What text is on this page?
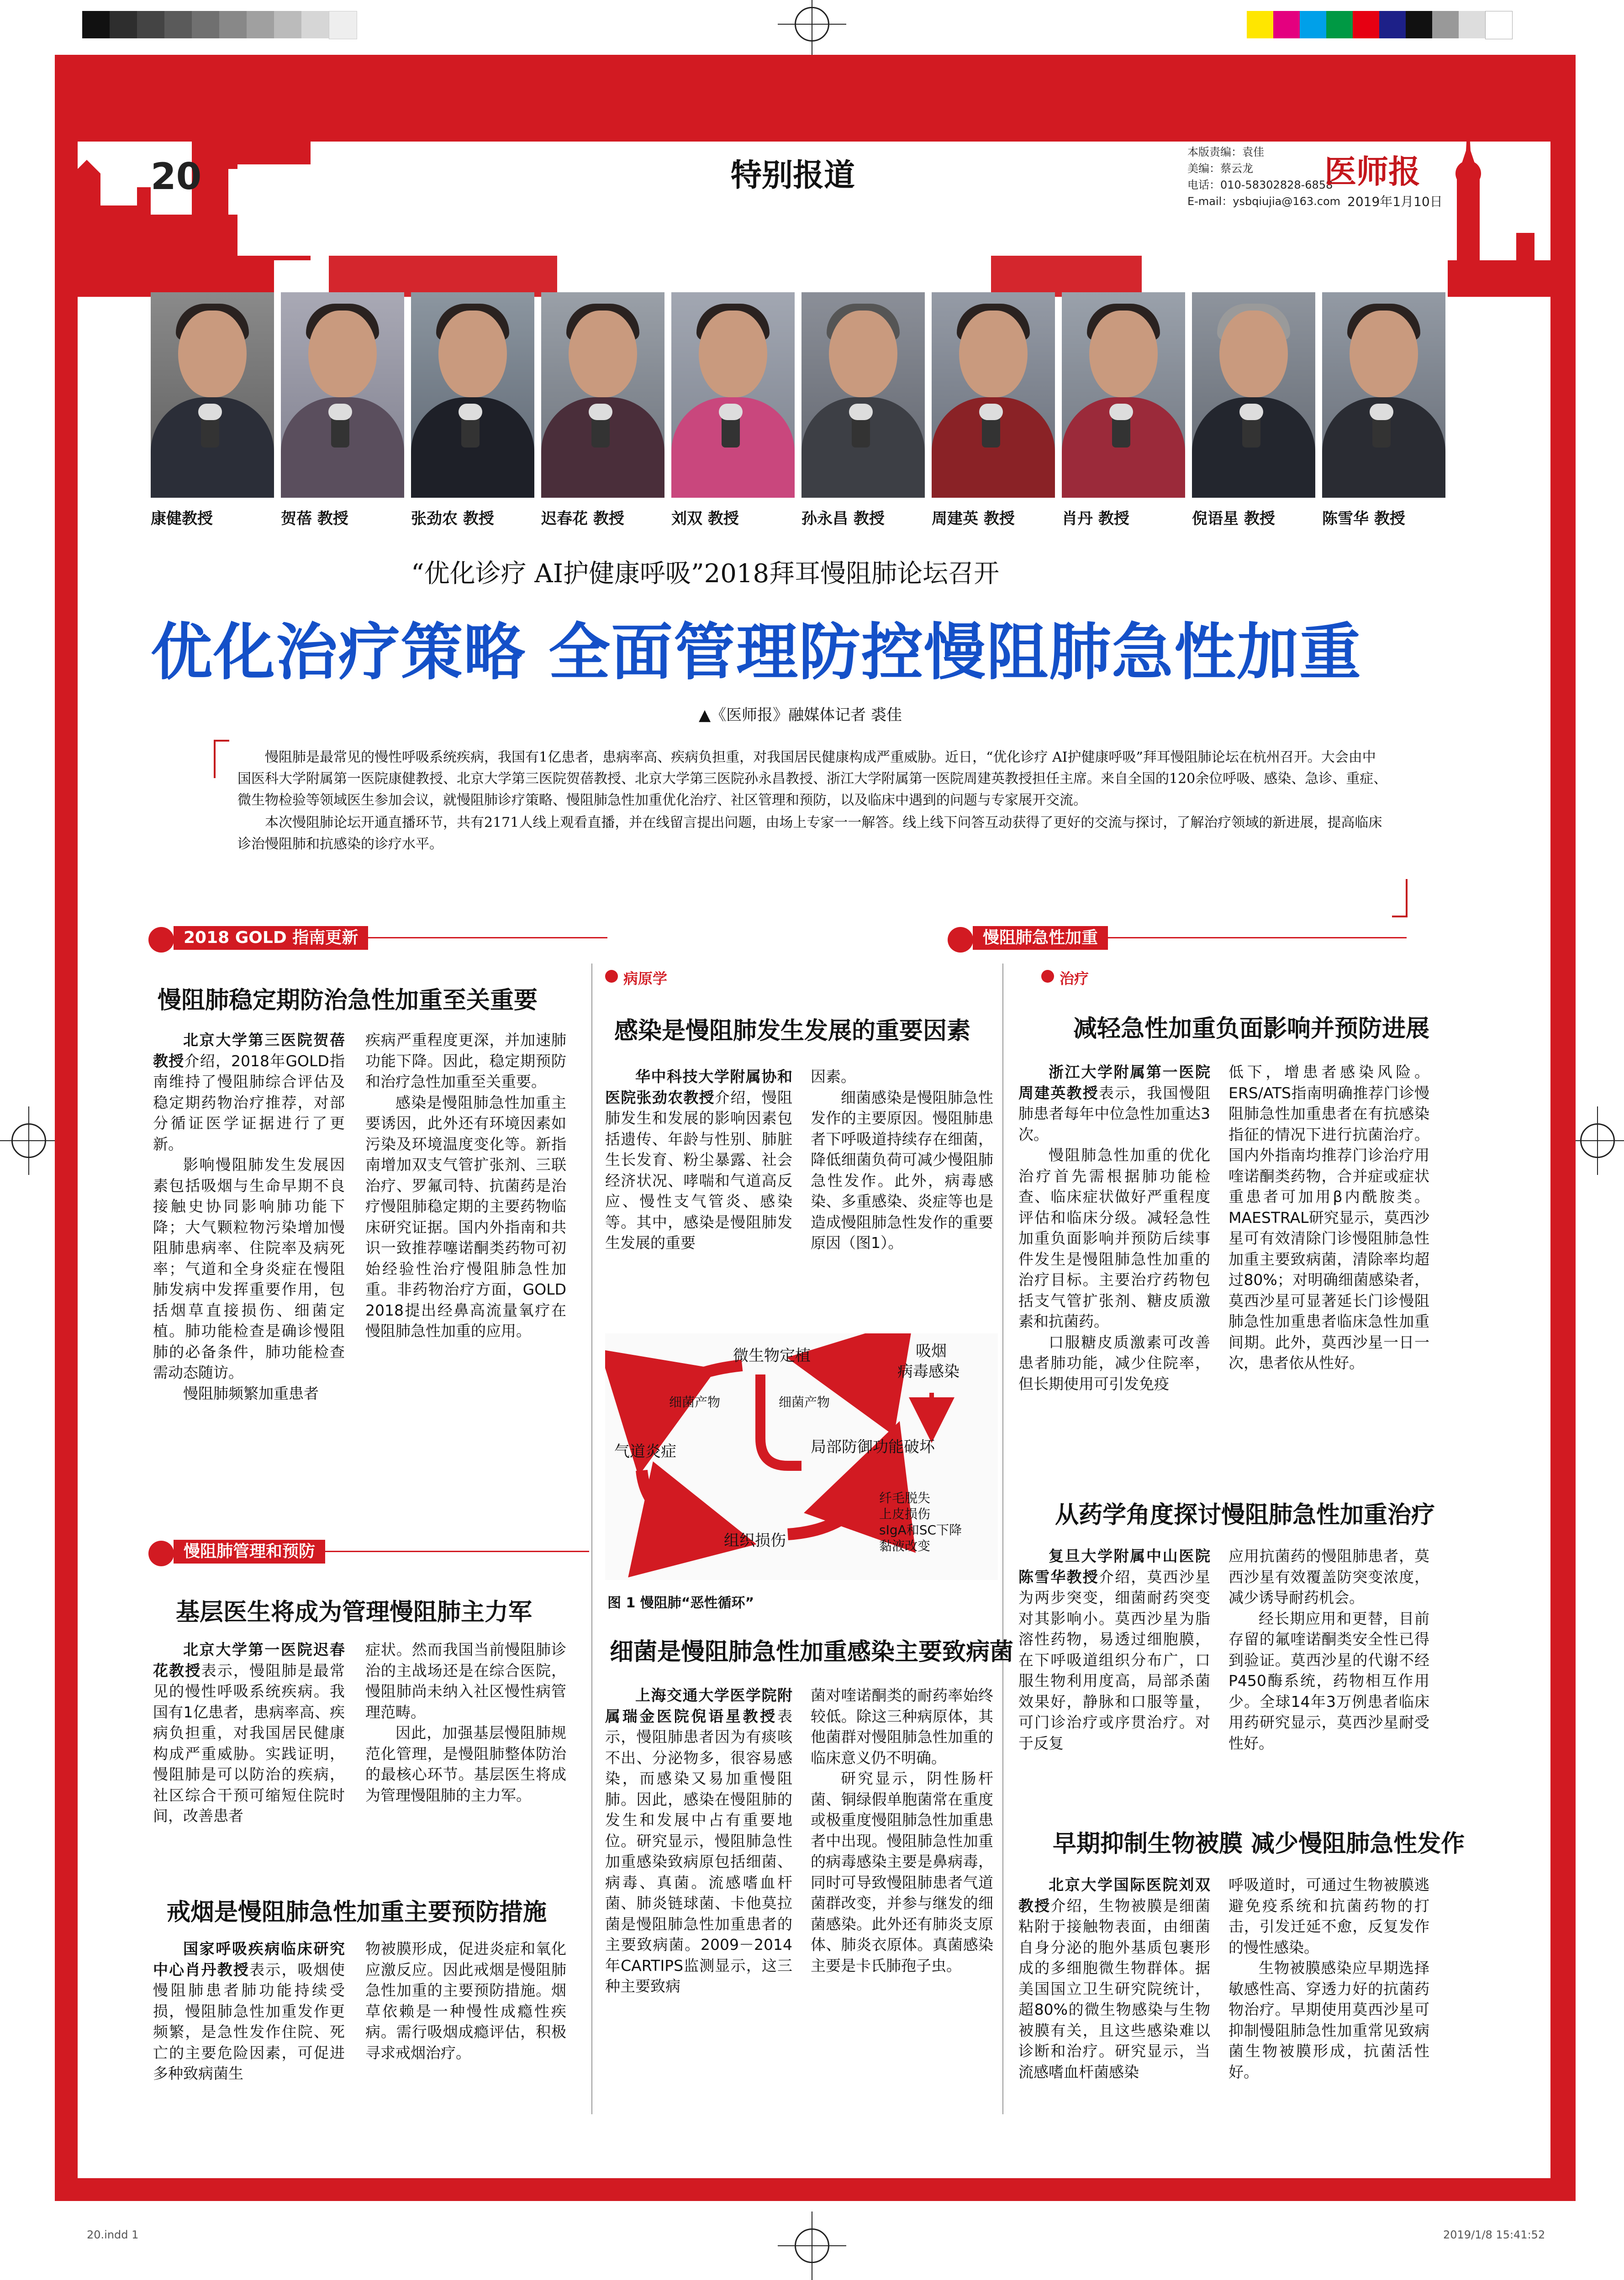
20	特别报道
本版责编：袁佳
美编：蔡云龙
电话：010-58302828-6858
E-mail：ysbqiujia@163.com
医师报
2019年1月10日
康健教授	贺蓓 教授	张劲农 教授	迟春花 教授	刘双 教授	孙永昌 教授	周建英 教授	肖丹 教授	倪语星 教授	陈雪华 教授
“优化诊疗 AI护健康呼吸”2018拜耳慢阻肺论坛召开
优化治疗策略 全面管理防控慢阻肺急性加重
▲《医师报》融媒体记者 裘佳

慢阻肺是最常见的慢性呼吸系统疾病，我国有1亿患者，患病率高、疾病负担重，对我国居民健康构成严重威胁。近日，“优化诊疗 AI护健康呼吸”拜耳慢阻肺论坛在杭州召开。大会由中国医科大学附属第一医院康健教授、北京大学第三医院贺蓓教授、北京大学第三医院孙永昌教授、浙江大学附属第一医院周建英教授担任主席。来自全国的120余位呼吸、感染、急诊、重症、微生物检验等领域医生参加会议，就慢阻肺诊疗策略、慢阻肺急性加重优化治疗、社区管理和预防，以及临床中遇到的问题与专家展开交流。

本次慢阻肺论坛开通直播环节，共有2171人线上观看直播，并在线留言提出问题，由场上专家一一解答。线上线下问答互动获得了更好的交流与探讨，了解治疗领域的新进展，提高临床诊治慢阻肺和抗感染的诊疗水平。

2018 GOLD 指南更新	慢阻肺急性加重
病原学	治疗
慢阻肺管理和预防
慢阻肺稳定期防治急性加重至关重要

北京大学第三医院贺蓓教授介绍，2018年GOLD指南维持了慢阻肺综合评估及稳定期药物治疗推荐，对部分循证医学证据进行了更新。

影响慢阻肺发生发展因素包括吸烟与生命早期不良接触史协同影响肺功能下降；大气颗粒物污染增加慢阻肺患病率、住院率及病死率；气道和全身炎症在慢阻肺发病中发挥重要作用，包括烟草直接损伤、细菌定植。肺功能检查是确诊慢阻肺的必备条件，肺功能检查需动态随访。

慢阻肺频繁加重患者

疾病严重程度更深，并加速肺功能下降。因此，稳定期预防和治疗急性加重至关重要。

感染是慢阻肺急性加重主要诱因，此外还有环境因素如污染及环境温度变化等。新指南增加双支气管扩张剂、三联治疗、罗氟司特、抗菌药是治疗慢阻肺稳定期的主要药物临床研究证据。国内外指南和共识一致推荐噻诺酮类药物可初始经验性治疗慢阻肺急性加重。非药物治疗方面，GOLD 2018提出经鼻高流量氧疗在慢阻肺急性加重的应用。

基层医生将成为管理慢阻肺主力军

北京大学第一医院迟春花教授表示，慢阻肺是最常见的慢性呼吸系统疾病。我国有1亿患者，患病率高、疾病负担重，对我国居民健康构成严重威胁。实践证明，慢阻肺是可以防治的疾病，社区综合干预可缩短住院时间，改善患者

症状。然而我国当前慢阻肺诊治的主战场还是在综合医院，慢阻肺尚未纳入社区慢性病管理范畴。

因此，加强基层慢阻肺规范化管理，是慢阻肺整体防治的最核心环节。基层医生将成为管理慢阻肺的主力军。

戒烟是慢阻肺急性加重主要预防措施

国家呼吸疾病临床研究中心肖丹教授表示，吸烟使慢阻肺患者肺功能持续受损，慢阻肺急性加重发作更频繁，是急性发作住院、死亡的主要危险因素，可促进多种致病菌生

物被膜形成，促进炎症和氧化应激反应。因此戒烟是慢阻肺急性加重的主要预防措施。烟草依赖是一种慢性成瘾性疾病。需行吸烟成瘾评估，积极寻求戒烟治疗。

感染是慢阻肺发生发展的重要因素

华中科技大学附属协和医院张劲农教授介绍，慢阻肺发生和发展的影响因素包括遗传、年龄与性别、肺脏生长发育、粉尘暴露、社会经济状况、哮喘和气道高反应、慢性支气管炎、感染等。其中，感染是慢阻肺发生发展的重要

因素。

细菌感染是慢阻肺急性发作的主要原因。慢阻肺患者下呼吸道持续存在细菌，降低细菌负荷可减少慢阻肺急性发作。此外，病毒感染、多重感染、炎症等也是造成慢阻肺急性发作的重要原因（图1）。

微生物定植	吸烟
病毒感染
细菌产物	细菌产物
气道炎症	局部防御功能破坏
组织损伤
纤毛脱失
上皮损伤
sIgA和SC下降
黏液改变
图 1 慢阻肺“恶性循环”
细菌是慢阻肺急性加重感染主要致病菌

上海交通大学医学院附属瑞金医院倪语星教授表示，慢阻肺患者因为有痰咳不出、分泌物多，很容易感染，而感染又易加重慢阻肺。因此，感染在慢阻肺的发生和发展中占有重要地位。研究显示，慢阻肺急性加重感染致病原包括细菌、病毒、真菌。流感嗜血杆菌、肺炎链球菌、卡他莫拉菌是慢阻肺急性加重患者的主要致病菌。2009－2014年CARTIPS监测显示，这三种主要致病

菌对喹诺酮类的耐药率始终较低。除这三种病原体，其他菌群对慢阻肺急性加重的临床意义仍不明确。

研究显示，阴性肠杆菌、铜绿假单胞菌常在重度或极重度慢阻肺急性加重患者中出现。慢阻肺急性加重的病毒感染主要是鼻病毒，同时可导致慢阻肺患者气道菌群改变，并参与继发的细菌感染。此外还有肺炎支原体、肺炎衣原体。真菌感染主要是卡氏肺孢子虫。

减轻急性加重负面影响并预防进展

浙江大学附属第一医院周建英教授表示，我国慢阻肺患者每年中位急性加重达3次。

慢阻肺急性加重的优化治疗首先需根据肺功能检查、临床症状做好严重程度评估和临床分级。减轻急性加重负面影响并预防后续事件发生是慢阻肺急性加重的治疗目标。主要治疗药物包括支气管扩张剂、糖皮质激素和抗菌药。

口服糖皮质激素可改善患者肺功能，减少住院率，但长期使用可引发免疫

低下，增患者感染风险。ERS/ATS指南明确推荐门诊慢阻肺急性加重患者在有抗感染指征的情况下进行抗菌治疗。国内外指南均推荐门诊治疗用喹诺酮类药物，合并症或症状重患者可加用β内酰胺类。MAESTRAL研究显示，莫西沙星可有效清除门诊慢阻肺急性加重主要致病菌，清除率均超过80%；对明确细菌感染者，莫西沙星可显著延长门诊慢阻肺急性加重患者临床急性加重间期。此外，莫西沙星一日一次，患者依从性好。

从药学角度探讨慢阻肺急性加重治疗

复旦大学附属中山医院陈雪华教授介绍，莫西沙星为两步突变，细菌耐药突变对其影响小。莫西沙星为脂溶性药物，易透过细胞膜，在下呼吸道组织分布广，口服生物利用度高，局部杀菌效果好，静脉和口服等量，可门诊治疗或序贯治疗。对于反复

应用抗菌药的慢阻肺患者，莫西沙星有效覆盖防突变浓度，减少诱导耐药机会。

经长期应用和更替，目前存留的氟喹诺酮类安全性已得到验证。莫西沙星的代谢不经P450酶系统，药物相互作用少。全球14年3万例患者临床用药研究显示，莫西沙星耐受性好。

早期抑制生物被膜 减少慢阻肺急性发作

北京大学国际医院刘双教授介绍，生物被膜是细菌粘附于接触物表面，由细菌自身分泌的胞外基质包裹形成的多细胞微生物群体。据美国国立卫生研究院统计，超80%的微生物感染与生物被膜有关，且这些感染难以诊断和治疗。研究显示，当流感嗜血杆菌感染

呼吸道时，可通过生物被膜逃避免疫系统和抗菌药物的打击，引发迁延不愈，反复发作的慢性感染。

生物被膜感染应早期选择敏感性高、穿透力好的抗菌药物治疗。早期使用莫西沙星可抑制慢阻肺急性加重常见致病菌生物被膜形成，抗菌活性好。

20.indd 1	2019/1/8 15:41:52
